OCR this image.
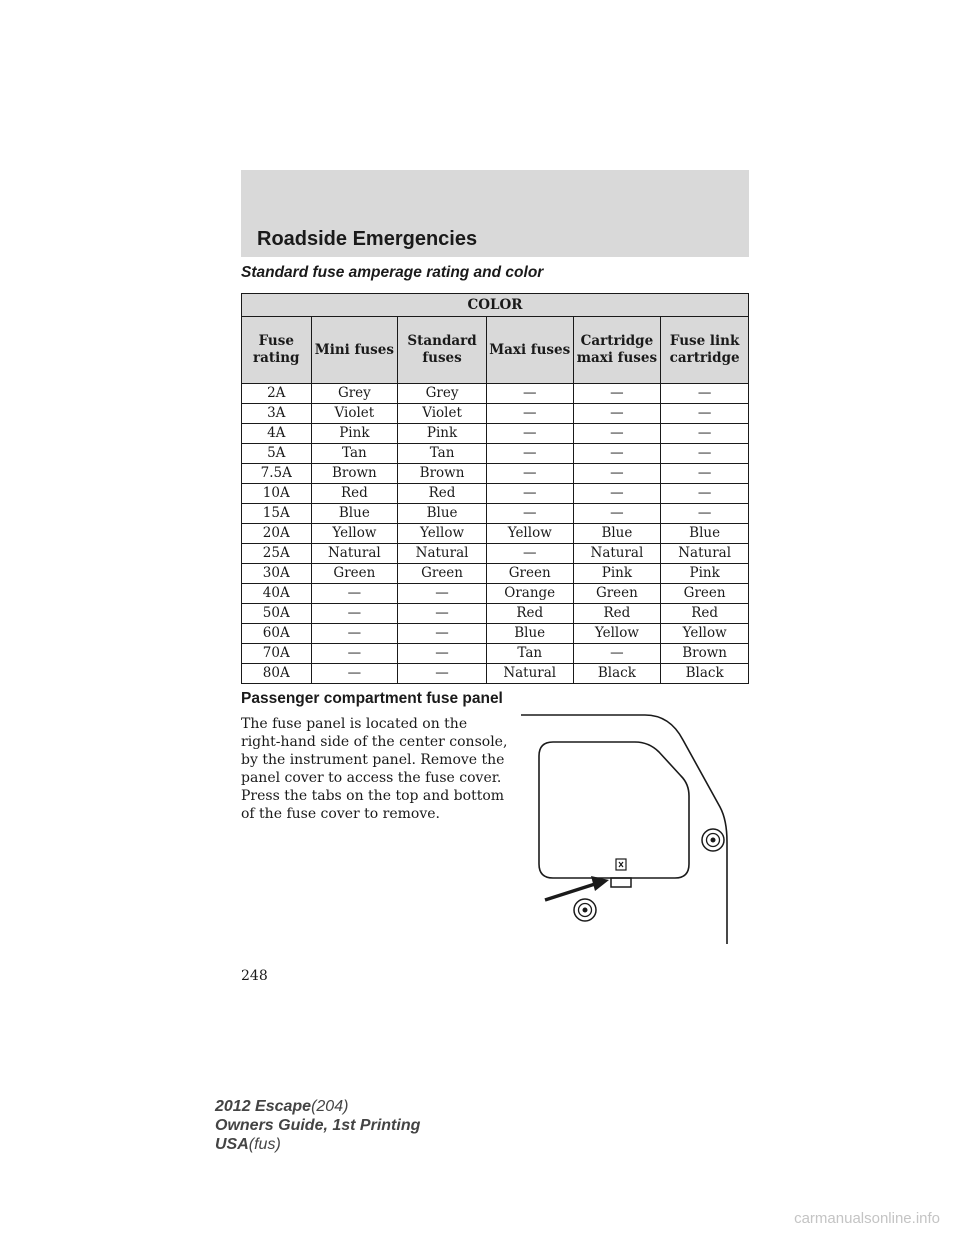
Roadside Emergencies
Standard fuse amperage rating and color
COLOR					
Fuse rating	Mini fuses	Standard fuses	Maxi fuses	Cartridge maxi fuses	Fuse link cartridge
2A	Grey	Grey	—	—	—
3A	Violet	Violet	—	—	—
4A	Pink	Pink	—	—	—
5A	Tan	Tan	—	—	—
7.5A	Brown	Brown	—	—	—
10A	Red	Red	—	—	—
15A	Blue	Blue	—	—	—
20A	Yellow	Yellow	Yellow	Blue	Blue
25A	Natural	Natural	—	Natural	Natural
30A	Green	Green	Green	Pink	Pink
40A	—	—	Orange	Green	Green
50A	—	—	Red	Red	Red
60A	—	—	Blue	Yellow	Yellow
70A	—	—	Tan	—	Brown
80A	—	—	Natural	Black	Black
Passenger compartment fuse panel
The fuse panel is located on the right-hand side of the center console, by the instrument panel. Remove the panel cover to access the fuse cover. Press the tabs on the top and bottom of the fuse cover to remove.
248
2012 Escape(204)
Owners Guide, 1st Printing
USA(fus)
carmanualsonline.info
